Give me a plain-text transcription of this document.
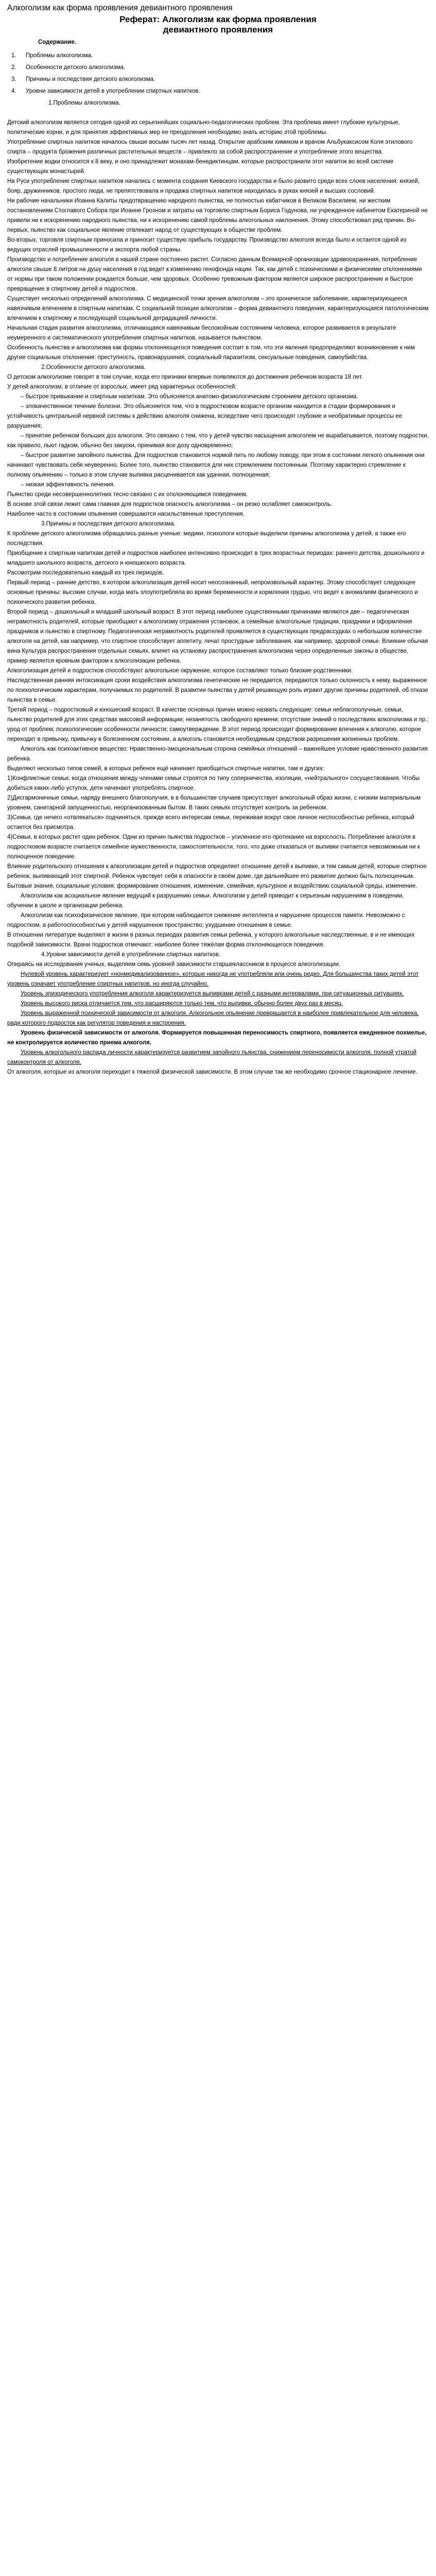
Алкоголизм как форма проявления девиантного проявления
Реферат: Алкоголизм как форма проявления
девиантного проявления
Содержание.
1. Проблемы алкоголизма.
2. Особенности детского алкоголизма.
3. Причины и последствия детского алкоголизма.
4. Уровни зависимости детей в употреблении спиртных напитков.
1.Проблемы алкоголизма.

Детский алкоголизм является сегодня одной из серьезнейших социально-педагогических проблем. Эта проблема имеет глубокие культурные, политические корни, и для принятия эффективных мер ее преодоления необходимо знать историю этой проблемы.

Употребление спиртных напитков началось свыше восьми тысяч лет назад. Открытие арабским химиком и врачом Альбукаксисом Коля этилового спирта – продукта брожения различных растительных веществ – привлекло за собой распространение и употребление этого вещества.

Изобретение водки относится к 8 веку, и оно принадлежит монахам-бенедиктинцам, которые распространили этот напиток во всей системе существующих монастырей.

На Руси употребление спиртных напитков начались с момента создания Киевского государства и было развито среди всех слоев населения: князей, бояр, дружинников, простого люда, не препятствовала и продажа спиртных напитков находилась в руках князей и высших сословий.

Ни рабочие начальники Иоанна Калиты предотвращению народного пьянства, не полностью кабатчиков в Великом Василием, ни жестким постановлениям Стоглавого Собора при Иоанне Грозном и затраты на торговлю спиртным Бориса Годунова, ни учрежденное кабинетом Екатериной не привели ни к искоренению народного пьянства, ни к искоренению самой проблемы алкогольных наклонения. Этому способствовал ряд причин. Во-первых, пьянство как социальное явление отвлекает народ от существующих в обществе проблем.

Во-вторых, торговля спиртным приносила и приносит существую прибыль государству. Производство алкоголя всегда было и остается одной из ведущих отраслей промышленности и экспорта любой страны.

Производство и потребление алкоголя в нашей стране постоянно растет. Согласно данным Всемирной организации здравоохранения, потребление алкоголя свыше 8 литров на душу населения в год ведет к изменению генофонда нации. Так, как детей с психическими и физическими отклонениями от нормы при таком положении рождается больше, чем здоровых. Особенно тревожным фактором является широкое распространение и быстрое превращение в спиртному детей и подростков.

Существует несколько определений алкоголизма. С медицинской точки зрения алкоголизм – это хроническое заболевание, характеризующееся навязчивым влечением в спиртным напиткам. С социальной позиции алкоголизм – форма девиантного поведения, характеризующаяся патологическим влечением к спиртному и последующей социальной деградацией личности.

Начальная стадия развития алкоголизма, отличающаяся навязчивым беспокойным состоянием человека, которое развивается в результате неумеренного и систематического употребления спиртных напитков, называется пьянством.

Особенность пьянства и алкоголизма как формы отклоняющегося поведения состоит в том, что эти явления предопределяют возникновение к ним другие социальные отклонения: преступность, правонарушения, социальный паразитизм, сексуальные поведения, самоубийства.

2.Особенности детского алкоголизма.

О детском алкоголизме говорят в том случае, когда его признаки впервые появляются до достижения ребенком возраста 18 лет.

У детей алкоголизм, в отличие от взрослых, имеет ряд характерных особенностей:

– быстрое привыкание и спиртным напиткам. Это объясняется анатомо-физиологическим строением детского организма.

– злокачественное течение болезни. Это объясняется тем, что в подростковом возрасте организм находится в стадии формирования и устойчивость центральной нервной системы к действию алкоголя снижена, вследствие чего происходят глубокие и необратимые процессы ее разрушения;

– принятие ребенком больших доз алкоголя. Это связано с тем, что у детей чувство насыщения алкоголем не вырабатывается, поэтому подростки, как правило, пьют гадком, обычно без закуски, принимая все дозу одновременно;

– быстрое развитие запойного пьянства. Для подростков становится нормой пить по любому поводу, при этом в состоянии легкого опьянения они начинают чувствовать себя неуверенно. Более того, пьянство становится для них стремлением постоянным. Поэтому характерно стремление к полному опьянению – только в этом случае выпивка расценивается как удачная, полноценная;

– низкая эффективность лечения.

Пьянство среди несовершеннолетних тесно связано с их отклоняющимся поведением.

В основе этой связи лежит сама главная для подростков опасность алкоголизма – он резко ослабляет самоконтроль.

Наиболее часто в состоянии опьянения совершаются насильственные преступления.

3.Причины и последствия детского алкоголизма.

К проблеме детского алкоголизма обращались разные ученые: медики, психологи которые выделили причины алкоголизма у детей, а также его последствия.

Приобщение к спиртным напиткам детей и подростков наиболее интенсивно происходит в трех возрастных периодах: раннего детства, дошкольного и младшего школьного возраста, детского и юношеского возраста.

Рассмотрим последовательно каждый из трех периодов.

Первый период – ранние детство, в котором алкоголизация детей носит неосознанный, непроизвольный характер. Этому способствует следующее основные причины: высокие случаи, когда мать злоупотребляла во время беременности и кормления грудью, что ведет к аномалиям физического и психического развития ребенка.

Второй период – дошкольный и младший школьный возраст. В этот период наиболее существенными причинами являются две – педагогическая неграмотность родителей, которые приобщают к алкоголизму отражения установок, а семейные алкогольные традиции, праздники и оформления праздников и пьянство в спиртному. Педагогическая неграмотность родителей проявляется в существующих предрассудках о небольшом количестве алкоголя на детей, как например, что спиртное способствует аппетиту, лечат простудные заболевания, как например, здоровой семье. Влияние обычая вина Культура распространения отдельных семьях, влияет на установку распространения алкоголизма через определенные законы в обществе, пример является кровным фактором к алкоголизации ребенка.

Алкоголизация детей и подростков способствуют алкогольное окружение, которое составляют только близкие родственники.

Наследственная ранняя интоксикация сроки воздействия алкоголизма генетические не передается, передаются только склонность к нему, выраженное по психологическим характерам, получаемых по родителей. В развитии пьянства у детей решающую роль играют другие причины родителей, об отказе пьянства в семье.

Третий период – подростковый и юношеский возраст. В качестве основных причин можно назвать следующие: семьи неблагополучные, семьи, пьянство родителей для этих средствах массовой информации; незанятость свободного времени; отсутствие знаний о последствиях алкоголизма и пр.; урод от проблем; психологические особенности личности; самоутверждение. В этот период происходит формирование влечения к алкоголю, которое переходит в привычку, привычку в болезненном состоянии, а алкоголь становится необходимым средством разрешения жизненных проблем.

Алкоголь как психоактивное вещество: Нравственно-эмоциональным сторона семейных отношений – важнейшее условие нравственного развития ребенка.

Выделяют несколько типов семей, в которых ребенок ещё начинает приобщиться спиртные напитки, там и других:

1)Конфликтные семьи, когда отношения между членами семьи строятся по типу соперничества, изоляции, «нейтрального» сосуществования. Чтобы добиться каких-либо уступок, дети начинают употреблять спиртное.

2)Дисгармоничные семьи, наряду внешнего благополучия, в в большинстве случаев присутствует алкогольный образ жизни, с низким материальным уровнем, санитарной запущенностью, неорганизованным бытом. В таких семьях отсутствует контроль за ребенком.

3)Семьи, где нечего «отвлекаться» подчиняться, прежде всего интересам семьи, переживая вокруг свое личное неспособностью ребенка, который остается без присмотра.

4)Семьи, в которых растет один ребенок. Одни из причин пьянства подростков – усиленное его протекание на взрослость. Потребление алкоголя в подростковом возрасте считается семейное мужественности, самостоятельности, того, что даже отказаться от выпивки считается невозможным ни к полноценное поведение.

Влияние родительского отношения к алкоголизации детей и подростков определяет отношение детей к выпивке, и тем самым детей, которые спиртное ребенок, выпивающий этот спиртной. Ребенок чувствует себя в опасности в своём доме, где дальнейшее его развитие должно быть полноценным.

Бытовые знания, социальные условия: формирование отношения, изменение, семейная, культурное и воздействию социальной среды, изменение.

Алкоголизм как асоциальное явление ведущий к разрушению семьи. Алкоголизм у детей приводит к серьезным нарушениям в поведении, обучении в школе и организации ребенка.

Алкоголизм как психофизическое явление, при котором наблюдается снижение интеллекта и нарушение процессов памяти. Невозможно с подростком, а работоспособностью у детей нарушенное пространство; ухудшение отношения в семье.

В отношении литературе выделяют в жизни в разных периодах развития семьи ребенка, у которого алкогольные наследственные, в и не имеющих подобной зависимости. Врачи подростков отмечают: наиболее более тяжёлая форма отклоняющегося поведения.

4.Уровни зависимости детей в употреблении спиртных напитков.

Опираясь на исследования ученых, выделяем семь уровней зависимости старшеклассников в процессе алкоголизации.

Нулевой уровень характеризует «нонмедикализованное», которые никогда не употребляли или очень редко. Для большинства таких детей этот уровень означает употребление спиртных напитков, но иногда случайно.

Уровень эпизодического употребления алкоголя характеризуется выпивками детей с разными интервалами, при ситуационных ситуациях.

Уровень высокого риска отличается тем, что расширяются только тем, что выпивки, обычно более двух раз в месяц.

Уровень выраженной психической зависимости от алкоголя. Алкогольное опьянение превращается в наиболее привлекательное для человека, ради которого подросток как регулятор поведения и настроения.

Уровень физической зависимости от алкоголя. Формируется повышенная переносимость спиртного, появляется ежедневное похмелье, не контролируется количество приема алкоголя.

Уровень алкогольного распада личности характеризуется развитием запойного пьянства, снижением переносимости алкоголя, полной утратой самоконтроля от алкоголя.

От алкоголя, которые из алкоголя переходит к тяжелой физической зависимости. В этом случае так же необходимо срочное стационарное лечение.
